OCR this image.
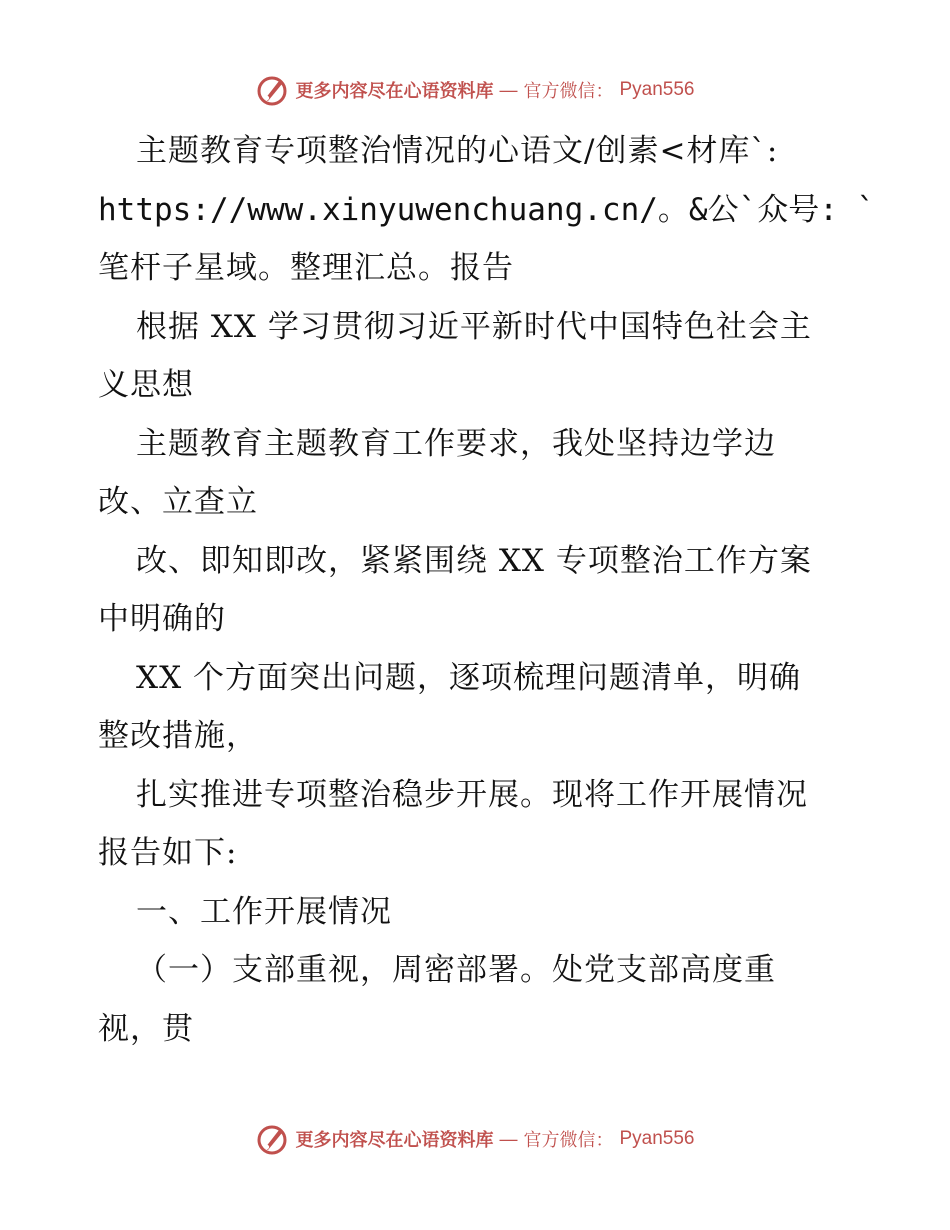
更多内容尽在心语资料库 — 官方微信： Pyan556
主题教育专项整治情况的心语文/创素<材库`:
https://www.xinyuwenchuang.cn/。&公`众号: `
笔杆子星域。整理汇总。报告
根据 XX 学习贯彻习近平新时代中国特色社会主
义思想
主题教育主题教育工作要求，我处坚持边学边
改、立查立
改、即知即改，紧紧围绕 XX 专项整治工作方案
中明确的
XX 个方面突出问题，逐项梳理问题清单，明确
整改措施，
扎实推进专项整治稳步开展。现将工作开展情况
报告如下:
一、工作开展情况
（一）支部重视，周密部署。处党支部高度重
视，贯
更多内容尽在心语资料库 — 官方微信： Pyan556
